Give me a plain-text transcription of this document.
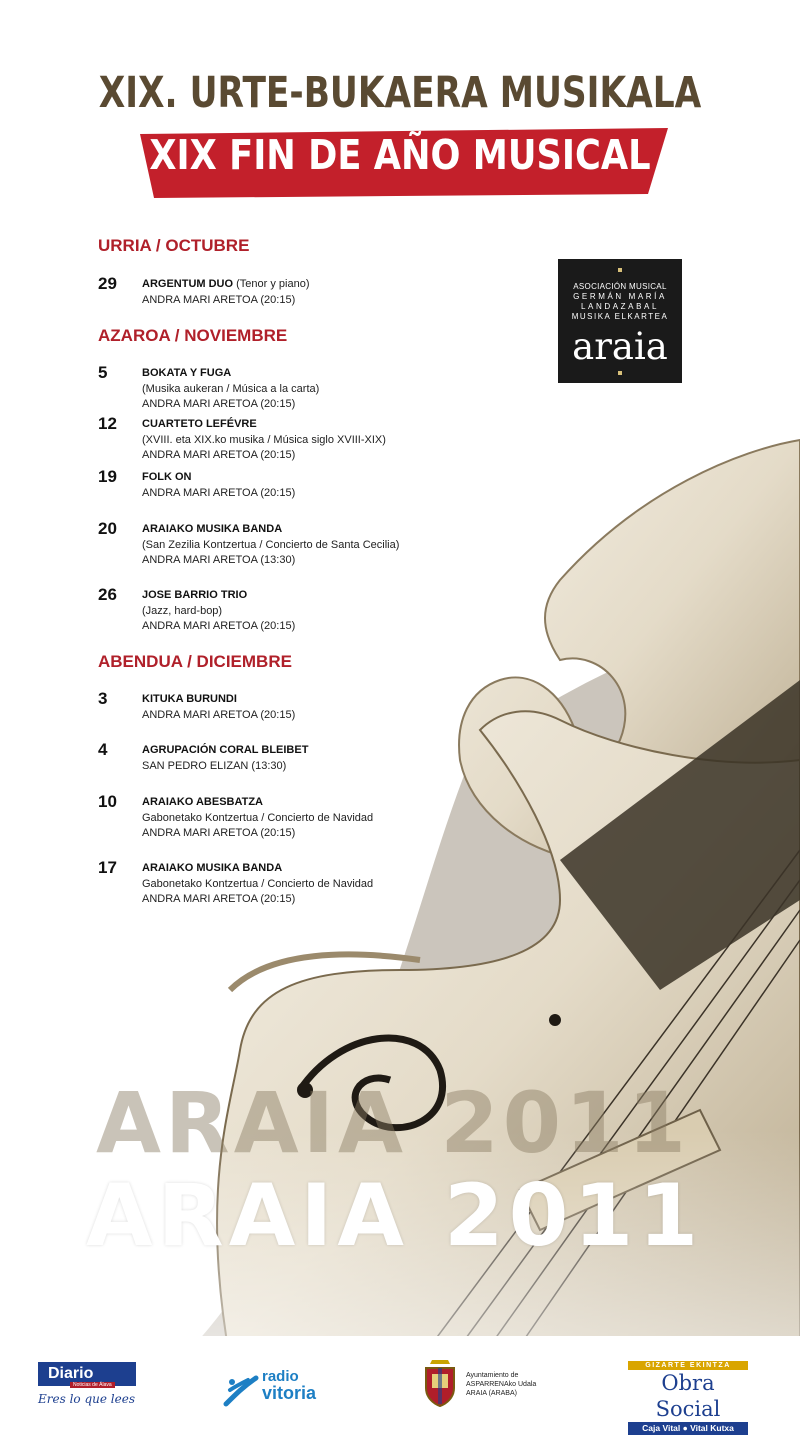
XIX. URTE-BUKAERA MUSIKALA
XIX FIN DE AÑO MUSICAL
ASOCIACIÓN MUSICAL
GERMÁN MARÍA
LANDAZABAL
MUSIKA ELKARTEA
araia
URRIA / OCTUBRE
29 ARGENTUM DUO (Tenor y piano)
ANDRA MARI ARETOA (20:15)
AZAROA / NOVIEMBRE
5	BOKATA Y FUGA
(Musika aukeran / Música a la carta)
ANDRA MARI ARETOA (20:15)
12 CUARTETO LEFÉVRE
(XVIII. eta XIX.ko musika / Música siglo XVIII-XIX)
ANDRA MARI ARETOA (20:15)
19 FOLK ON
ANDRA MARI ARETOA (20:15)
20 ARAIAKO MUSIKA BANDA
(San Zezilia Kontzertua / Concierto de Santa Cecilia)
ANDRA MARI ARETOA (13:30)
26 JOSE BARRIO TRIO
(Jazz, hard-bop)
ANDRA MARI ARETOA (20:15)
ABENDUA / DICIEMBRE
3	KITUKA BURUNDI
ANDRA MARI ARETOA (20:15)
4	AGRUPACIÓN CORAL BLEIBET
SAN PEDRO ELIZAN (13:30)
10 ARAIAKO ABESBATZA
Gabonetako Kontzertua / Concierto de Navidad
ANDRA MARI ARETOA (20:15)
17 ARAIAKO MUSIKA BANDA
Gabonetako Kontzertua / Concierto de Navidad
ANDRA MARI ARETOA (20:15)
ARAIA 2011
ARAIA 2011
Diario
Noticias de Álava
Eres lo que lees
radio
vitoria
Ayuntamiento de
ASPARRENAko Udala
ARAIA (ARABA)
GIZARTE EKINTZA
Obra Social
Caja Vital ● Vital Kutxa
